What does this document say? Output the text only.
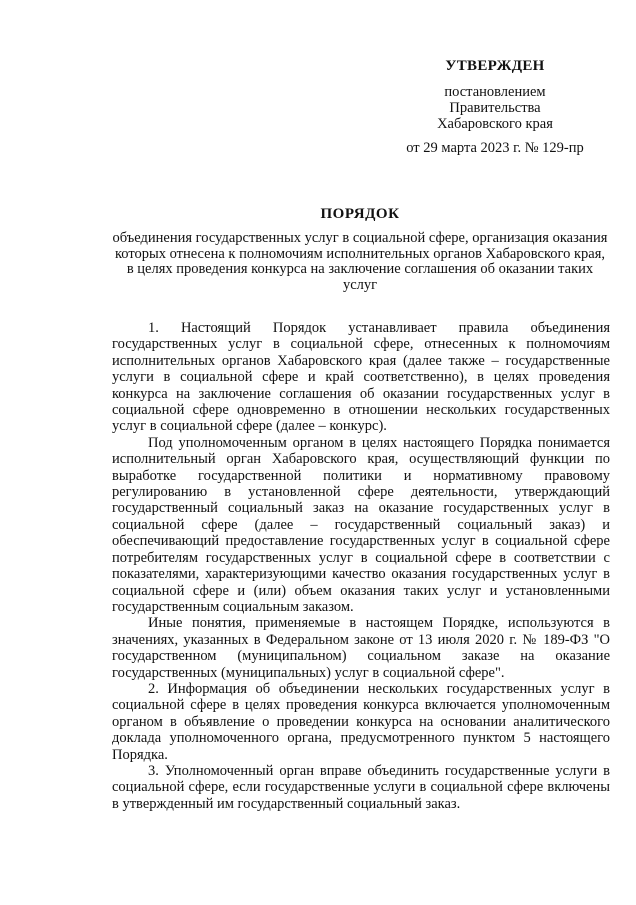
УТВЕРЖДЕН
постановлением
Правительства
Хабаровского края
от 29 марта 2023 г. № 129-пр
ПОРЯДОК
объединения государственных услуг в социальной сфере, организация оказания которых отнесена к полномочиям исполнительных органов Хабаровского края, в целях проведения конкурса на заключение соглашения об оказании таких услуг

1. Настоящий Порядок устанавливает правила объединения государственных услуг в социальной сфере, отнесенных к полномочиям исполнительных органов Хабаровского края (далее также – государственные услуги в социальной сфере и край соответственно), в целях проведения конкурса на заключение соглашения об оказании государственных услуг в социальной сфере одновременно в отношении нескольких государственных услуг в социальной сфере (далее – конкурс).

Под уполномоченным органом в целях настоящего Порядка понимается исполнительный орган Хабаровского края, осуществляющий функции по выработке государственной политики и нормативному правовому регулированию в установленной сфере деятельности, утверждающий государственный социальный заказ на оказание государственных услуг в социальной сфере (далее – государственный социальный заказ) и обеспечивающий предоставление государственных услуг в социальной сфере потребителям государственных услуг в социальной сфере в соответствии с показателями, характеризующими качество оказания государственных услуг в социальной сфере и (или) объем оказания таких услуг и установленными государственным социальным заказом.

Иные понятия, применяемые в настоящем Порядке, используются в значениях, указанных в Федеральном законе от 13 июля 2020 г. № 189-ФЗ "О государственном (муниципальном) социальном заказе на оказание государственных (муниципальных) услуг в социальной сфере".

2. Информация об объединении нескольких государственных услуг в социальной сфере в целях проведения конкурса включается уполномоченным органом в объявление о проведении конкурса на основании аналитического доклада уполномоченного органа, предусмотренного пунктом 5 настоящего Порядка.

3. Уполномоченный орган вправе объединить государственные услуги в социальной сфере, если государственные услуги в социальной сфере включены в утвержденный им государственный социальный заказ.
